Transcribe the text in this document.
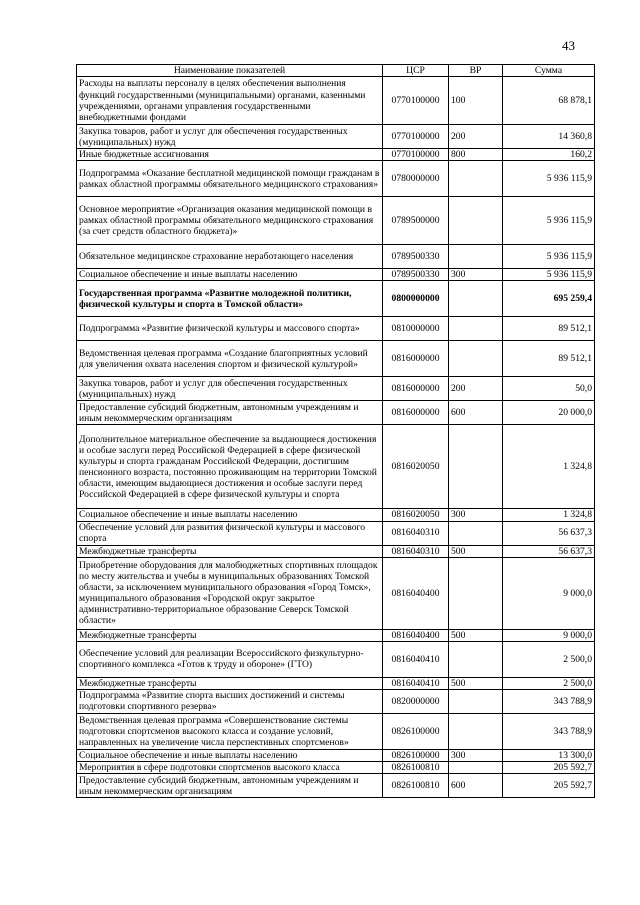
43
Наименование показателей	ЦСР	ВР	Сумма
Расходы на выплаты персоналу в целях обеспечения выполнения функций государственными (муниципальными) органами, казенными учреждениями, органами управления государственными внебюджетными фондами	0770100000	100	68 878,1
Закупка товаров, работ и услуг для обеспечения государственных (муниципальных) нужд	0770100000	200	14 360,8
Иные бюджетные ассигнования	0770100000	800	160,2
Подпрограмма «Оказание бесплатной медицинской помощи гражданам в рамках областной программы обязательного медицинского страхования»	0780000000		5 936 115,9
Основное мероприятие «Организация оказания медицинской помощи в рамках областной программы обязательного медицинского страхования (за счет средств областного бюджета)»	0789500000		5 936 115,9
Обязательное медицинское страхование неработающего населения	0789500330		5 936 115,9
Социальное обеспечение и иные выплаты населению	0789500330	300	5 936 115,9
Государственная программа «Развитие молодежной политики, физической культуры и спорта в Томской области»	0800000000		695 259,4
Подпрограмма «Развитие физической культуры и массового спорта»	0810000000		89 512,1
Ведомственная целевая программа «Создание благоприятных условий для увеличения охвата населения спортом и физической культурой»	0816000000		89 512,1
Закупка товаров, работ и услуг для обеспечения государственных (муниципальных) нужд	0816000000	200	50,0
Предоставление субсидий бюджетным, автономным учреждениям и иным некоммерческим организациям	0816000000	600	20 000,0
Дополнительное материальное обеспечение за выдающиеся достижения и особые заслуги перед Российской Федерацией в сфере физической культуры и спорта гражданам Российской Федерации, достигшим пенсионного возраста, постоянно проживающим на территории Томской области, имеющим выдающиеся достижения и особые заслуги перед Российской Федерацией в сфере физической культуры и спорта	0816020050		1 324,8
Социальное обеспечение и иные выплаты населению	0816020050	300	1 324,8
Обеспечение условий для развития физической культуры и массового спорта	0816040310		56 637,3
Межбюджетные трансферты	0816040310	500	56 637,3
Приобретение оборудования для малобюджетных спортивных площадок по месту жительства и учебы в муниципальных образованиях Томской области, за исключением муниципального образования «Город Томск», муниципального образования «Городской округ закрытое административно-территориальное образование Северск Томской области»	0816040400		9 000,0
Межбюджетные трансферты	0816040400	500	9 000,0
Обеспечение условий для реализации Всероссийского физкультурно-спортивного комплекса «Готов к труду и обороне» (ГТО)	0816040410		2 500,0
Межбюджетные трансферты	0816040410	500	2 500,0
Подпрограмма «Развитие спорта высших достижений и системы подготовки спортивного резерва»	0820000000		343 788,9
Ведомственная целевая программа «Совершенствование системы подготовки спортсменов высокого класса и создание условий, направленных на увеличение числа перспективных спортсменов»	0826100000		343 788,9
Социальное обеспечение и иные выплаты населению	0826100000	300	13 300,0
Мероприятия в сфере подготовки спортсменов высокого класса	0826100810		205 592,7
Предоставление субсидий бюджетным, автономным учреждениям и иным некоммерческим организациям	0826100810	600	205 592,7
